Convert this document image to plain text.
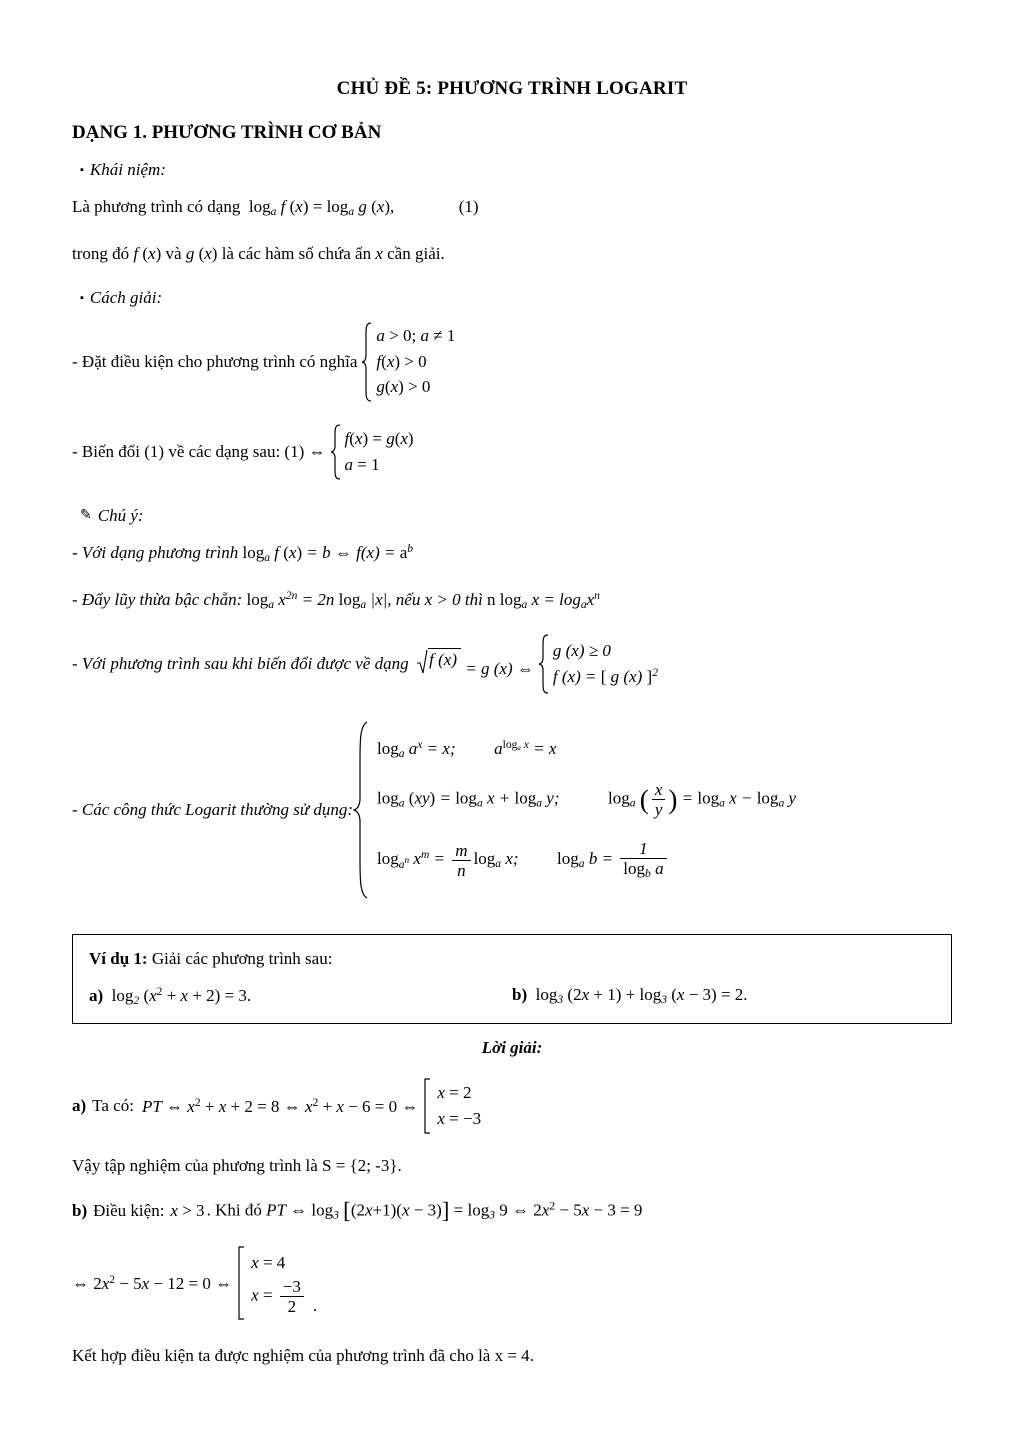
CHỦ ĐỀ 5: PHƯƠNG TRÌNH LOGARIT
DẠNG 1. PHƯƠNG TRÌNH CƠ BẢN
▪ Khái niệm:
Là phương trình có dạng $\log_a f$ $(x) = \log_a g$ (x),	(1)
trong đó f (x) và g (x) là các hàm số chứa ẩn x cần giải.
▪ Cách giải:
- Đặt điều kiện cho phương trình có nghĩa
a > 0; a ≠ 1
f(x) > 0
g(x) > 0
- Biến đổi (1) về các dạng sau: (1) ⇔
f(x) = g(x)
a = 1
✎ Chú ý:
- Với dạng phương trình $\log_a f$ (x) = b ⇔ $f(x) = a^b$
- Đẩy lũy thừa bậc chẵn: $\log_a x^{2n} = 2n$ $\log_a |x|$, nếu x > 0 thì n $\log_a x = \log_ax^n$
- Với phương trình sau khi biến đổi được về dạng
f (x) = g (x) ⇔
g (x) ≥ 0
f (x) = [ g (x) ]$^2$
- Các công thức Logarit thường sử dụng:
$\log_a a^x = x$;  $a^{log_a x} = x$
$\log_a (xy) = \log_a x + \log_a y$;	$\log_a$ ( $\frac{x}{y}$ ) = $\log_a x - \log_a y$
$\log_{a^n} x^m = \frac{m}{n} \log_a x$;  $\log_a b = \frac{1}{\log_b a}$
Ví dụ 1: Giải các phương trình sau:
a) $\log_2 (x^2 + x + 2) = 3$.	b) $\log_3 (2x + 1) + \log_3 (x - 3) = 2$.
Lời giải:
a) Ta có: PT ⇔ $x^2 + x + 2 = 8$ ⇔ $x^2 + x - 6 = 0$ ⇔
x = 2
x = −3
Vậy tập nghiệm của phương trình là S = {2; -3}.
b) Điều kiện: x > 3 . Khi đó PT ⇔ $\log_3 [(2x+1)(x - 3)] = \log_3 9$ ⇔ $2x^2 - 5x - 3 = 9$
⇔ $2x^2 - 5x - 12 = 0$ ⇔
x = 4
$x = \frac{-3}{2}$ .
Kết hợp điều kiện ta được nghiệm của phương trình đã cho là x = 4.
